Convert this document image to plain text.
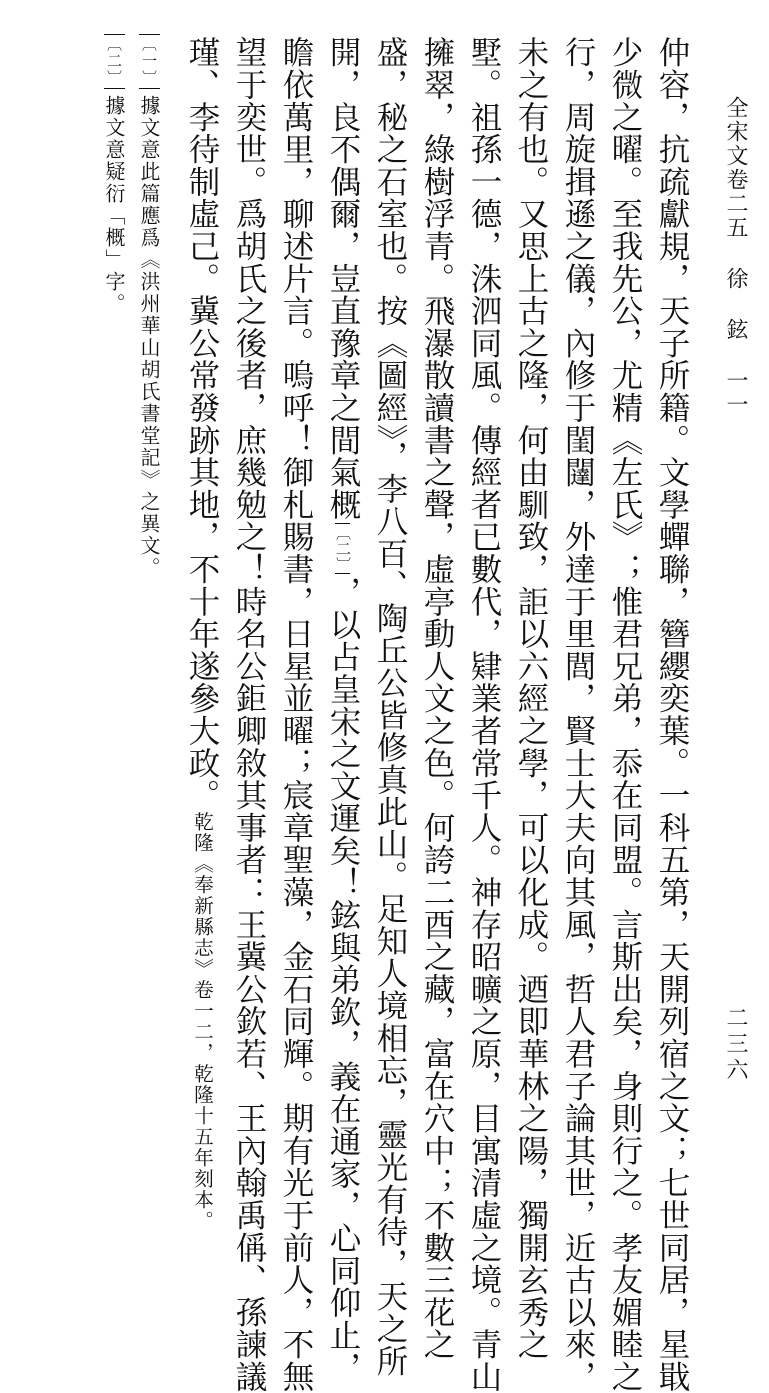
全宋文卷二五 徐 鉉 一一
二三六
仲容，抗疏獻規，天子所籍。文學蟬聯，簪纓奕葉。一科五第，天開列宿之文；七世同居，星戢
少微之曜。至我先公，尤精《左氏》；惟君兄弟，忝在同盟。言斯出矣，身則行之。孝友媚睦之
行，周旋揖遜之儀，內修于閨闥，外達于里閭，賢士大夫向其風，哲人君子論其世，近古以來，
未之有也。又思上古之隆，何由馴致，詎以六經之學，可以化成。迺即華林之陽，獨開玄秀之
墅。祖孫一德，洙泗同風。傳經者已數代，肄業者常千人。神存昭曠之原，目寓清虛之境。青山
擁翠，綠樹浮青。飛瀑散讀書之聲，虛亭動人文之色。何誇二酉之藏，富在穴中；不數三花之
盛，秘之石室也。按《圖經》，李八百、陶丘公皆修真此山。足知人境相忘，靈光有待，天之所
開，良不偶爾，豈直豫章之間氣概〔二〕，以占皇宋之文運矣！鉉與弟欽，義在通家，心同仰止，
瞻依萬里，聊述片言。嗚呼！御札賜書，日星並曜；宸章聖藻，金石同輝。期有光于前人，不無
望于奕世。爲胡氏之後者，庶幾勉之！時名公鉅卿敘其事者：王冀公欽若、王內翰禹偁、孫諫議
瑾、李待制虛己。冀公常發跡其地，不十年遂參大政。乾隆《奉新縣志》卷一二，乾隆十五年刻本。
〔一〕據文意此篇應爲《洪州華山胡氏書堂記》之異文。
〔二〕據文意疑衍「概」字。
